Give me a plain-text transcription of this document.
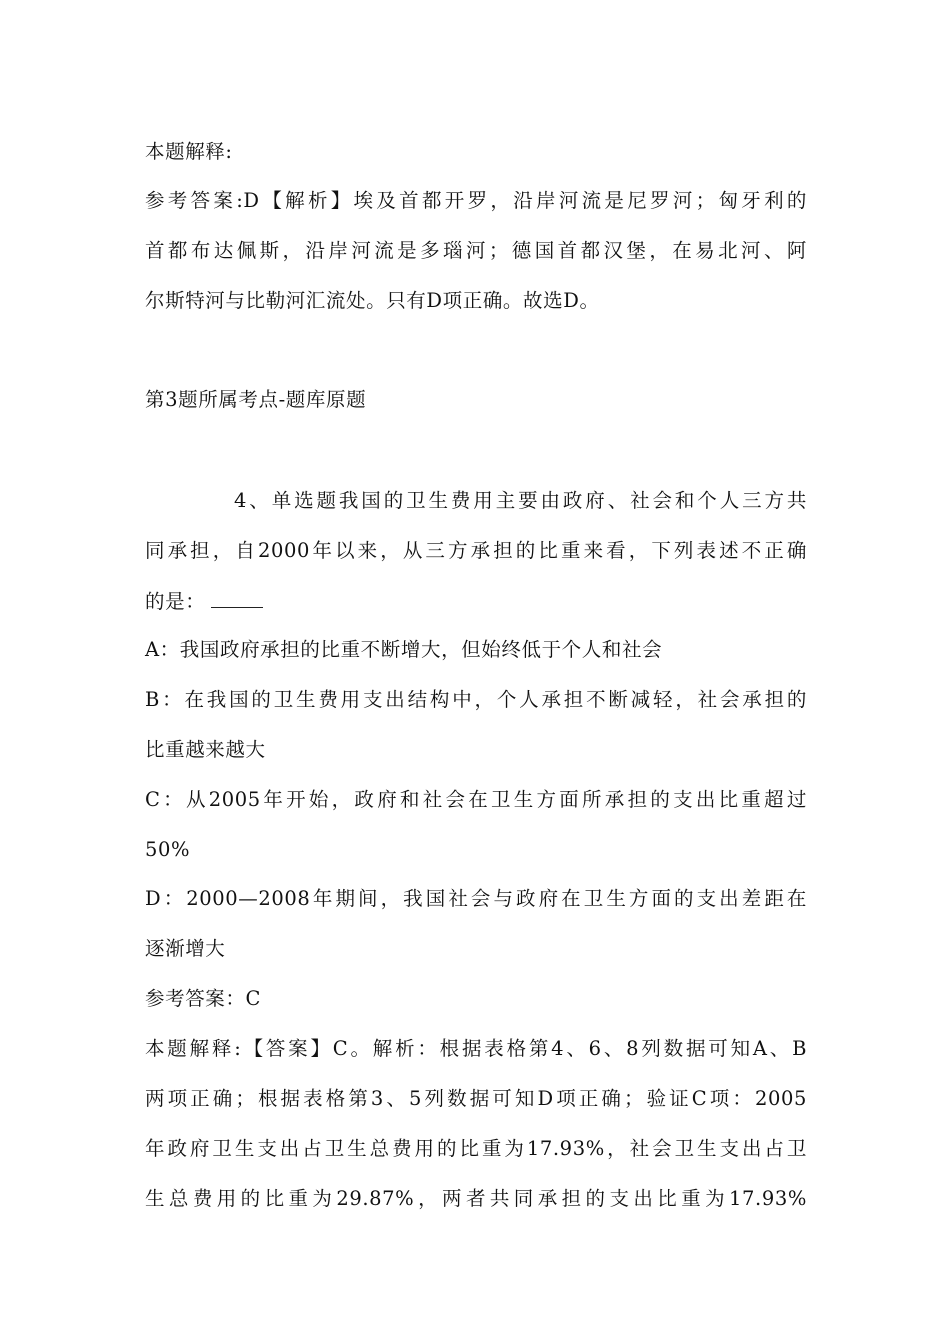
本题解释:
参考答案:D【解析】埃及首都开罗，沿岸河流是尼罗河；匈牙利的
首都布达佩斯，沿岸河流是多瑙河；德国首都汉堡，在易北河、阿
尔斯特河与比勒河汇流处。只有D项正确。故选D。
第3题所属考点-题库原题
4、单选题我国的卫生费用主要由政府、社会和个人三方共
同承担，自2000年以来，从三方承担的比重来看，下列表述不正确
的是：
A：我国政府承担的比重不断增大，但始终低于个人和社会
B：在我国的卫生费用支出结构中，个人承担不断减轻，社会承担的
比重越来越大
C：从2005年开始，政府和社会在卫生方面所承担的支出比重超过
50%
D：2000—2008年期间，我国社会与政府在卫生方面的支出差距在
逐渐增大
参考答案：C
本题解释:【答案】C。解析：根据表格第4、6、8列数据可知A、B
两项正确；根据表格第3、5列数据可知D项正确；验证C项：2005
年政府卫生支出占卫生总费用的比重为17.93%，社会卫生支出占卫
生总费用的比重为29.87%，两者共同承担的支出比重为17.93%
